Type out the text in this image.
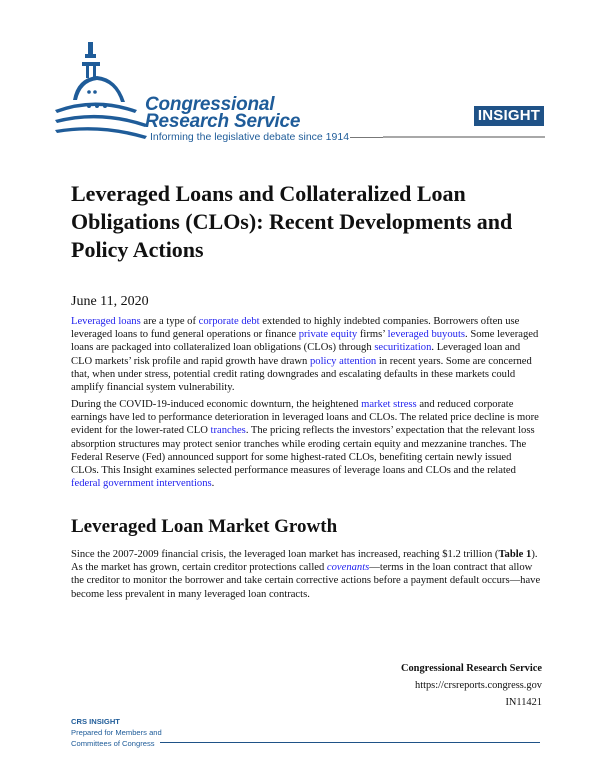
Congressional
Research Service
Informing the legislative debate since 1914
INSIGHT
Leveraged Loans and Collateralized Loan Obligations (CLOs): Recent Developments and Policy Actions
June 11, 2020

Leveraged loans are a type of corporate debt extended to highly indebted companies. Borrowers often use leveraged loans to fund general operations or finance private equity firms’ leveraged buyouts. Some leveraged loans are packaged into collateralized loan obligations (CLOs) through securitization. Leveraged loan and CLO markets’ risk profile and rapid growth have drawn policy attention in recent years. Some are concerned that, when under stress, potential credit rating downgrades and escalating defaults in these markets could amplify financial system vulnerability.

During the COVID-19-induced economic downturn, the heightened market stress and reduced corporate earnings have led to performance deterioration in leveraged loans and CLOs. The related price decline is more evident for the lower-rated CLO tranches. The pricing reflects the investors’ expectation that the relevant loss absorption structures may protect senior tranches while eroding certain equity and mezzanine tranches. The Federal Reserve (Fed) announced support for some highest-rated CLOs, benefiting certain newly issued CLOs. This Insight examines selected performance measures of leverage loans and CLOs and the related federal government interventions.

Leveraged Loan Market Growth

Since the 2007-2009 financial crisis, the leveraged loan market has increased, reaching $1.2 trillion (Table 1). As the market has grown, certain creditor protections called covenants—terms in the loan contract that allow the creditor to monitor the borrower and take certain corrective actions before a payment default occurs—have become less prevalent in many leveraged loan contracts.

Congressional Research Service
https://crsreports.congress.gov
IN11421
CRS INSIGHT
Prepared for Members and
Committees of Congress
